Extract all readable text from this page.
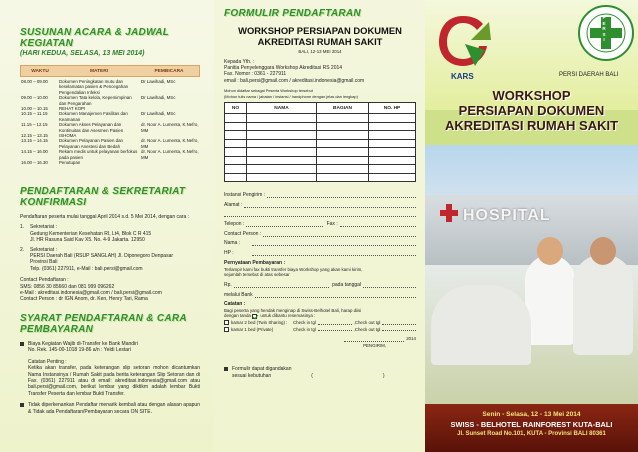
SUSUNAN ACARA & JADWAL KEGIATAN
(HARI KEDUA, SELASA, 13 MEI 2014)
WAKTU	MATERI	PEMBICARA
08.00 – 09.00	Dokumen Peningkatan mutu dan keselamatan pasien & Pencegahan Pengendalian Infeksi	Dr Lawihadi, MSc
09.00 – 10.00	Dokumen Tata kelola, Kepemimpinan dan Pengarahan	Dr Lawihadi, MSc
10.00 – 10.15	REHAT KOPI	
10.15 – 11.15	Dokumen Manajemen Fasilitas dan Keamanan	Dr Lawihadi, MSc
11.15 – 12.15	Dokumen Akses Pelayanan dan Kontinuitas dan Asesmen Pasien	dr. Noor A. Lumenta, K.Nefro, MM
12.15 – 13.15	ISHOMA	
13.15 – 14.15	Dokumen Pelayanan Pasien dan Pelayanan Anestesi dan Bedah	dr. Noor A. Lumenta, K.Nefro, MM
14.15 – 16.00	Rekam medis untuk pelayanan berfokus pada pasien	dr. Noor A. Lumenta, K.Nefro, MM
16.00 – 16.30	Penutupan	
PENDAFTARAN & SEKRETARIAT KONFIRMASI
Pendaftaran peserta mulai tanggal April 2014 s.d. 5 Mei 2014, dengan cara :
1.	Sekretariat :
Gedung Kementerian Kesehatan RI, Lt4, Blok C R 415
Jl. HR Rasuna Said Kav X5. No. 4-9 Jakarta. 12950
2.	Sekretariat :
PERSI Daerah Bali (RSUP SANGLAH) Jl. Diponegoro Denpasar
Provinsi Bali
Telp. (0361) 227911, e-Mail : bali.persi@gmail.com
Contact Pendaftaran :
SMS: 0856 30 85660 dan 081 999 096262
e-Mail : akreditasi.indonesia@gmail.com / bali.persi@gmail.com
Contact Person : dr IGN Anom, dr. Ken, Henry Tari, Rama
SYARAT PENDAFTARAN & CARA PEMBAYARAN
Biaya Kegiatan Wajib di-Transfer ke Bank Mandiri
No. Rek. 145-00-1018 19-86 a/n : Yeldi Lestari
Catatan Penting :
Ketika akan transfer, pada keterangan slip setoran mohon dicantumkan Nama Instansinya / Rumah Sakit pada berita keterangan Slip Setoran dan di Fax. (0361) 227911 atau di email: akreditasi.indonesia@gmail.com atau bali.persi@gmail.com, berikut lembar yang diktikm adalah lembar Bukti Transfer Peserta dan lembar Bukti Transfer.
Tidak diperkenankan Pendaftar menarik kembali atau dengan alasan apapun & Tidak ada Pendaftaran/Pembayaran secara ON SITE.
FORMULIR PENDAFTARAN
WORKSHOP PERSIAPAN DOKUMEN
AKREDITASI RUMAH SAKIT
BALI, 12-13 MEI 2014
Kepada Yth. :
Panitia Penyelenggara Workshop Akreditasi RS 2014
Fax. Nomor : 0361 - 227911
email : bali.persi@gmail.com / akreditasi.indonesia@gmail.com
Mohon didaftar sebagai Peserta Workshop tersebut
(Mohon tulis nama / jabatan / instansi / handphone dengan jelas dan lengkap)
NO	NAMA	BAGIAN	NO. HP

Instansi Pengirim :
Alamat :
Telepon :	Fax :
Contact Person :
Nama :
HP :
Pernyataan Pembayaran :
Terlampir kami fax bukti transfer biaya Workshop yang akan kami kirim,
sejumlah tersebut di atas sebesar
Rp.	pada tanggal
melalui Bank
Catatan :
Bagi peserta yang hendak menginap di Swiss-Belhotel Bali, harap diisi
dengan tanda untuk dibantu reservasinya :
kamar 2 bed (Twin Sharing) :	Check in tgl	, Check out tgl
kamar 1 bed (Private)	Check in tgl	, Check out tgl
2014
PENGIRIM,
Formulir dapat digandakan
sesuai kebutuhan	(	)
KARS
P
E
R
S
I
PERSI DAERAH BALI
WORKSHOP
PERSIAPAN DOKUMEN
AKREDITASI RUMAH SAKIT
HOSPITAL
Senin - Selasa, 12 - 13 Mei 2014
SWISS - BELHOTEL RAINFOREST KUTA-BALI
Jl. Sunset Road No.101, KUTA - Provinsi BALI 80361
